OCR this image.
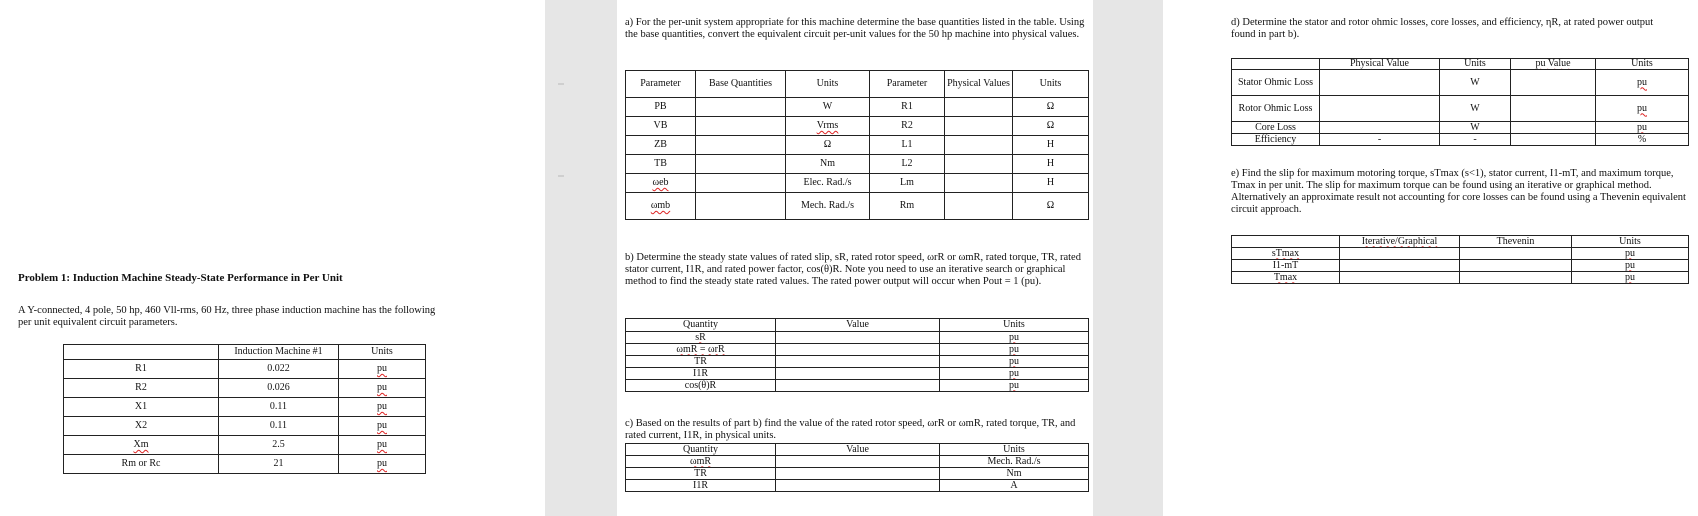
Problem 1: Induction Machine Steady-State Performance in Per Unit
A Y-connected, 4 pole, 50 hp, 460 Vll-rms, 60 Hz, three phase induction machine has the following per unit equivalent circuit parameters.
	Induction Machine #1	Units
R1	0.022	pu
R2	0.026	pu
X1	0.11	pu
X2	0.11	pu
Xm	2.5	pu
Rm or Rc	21	pu
a) For the per-unit system appropriate for this machine determine the base quantities listed in the table. Using the base quantities, convert the equivalent circuit per-unit values for the 50 hp machine into physical values.
Parameter	Base Quantities	Units	Parameter	Physical Values	Units
PB		W	R1		Ω
VB		Vrms	R2		Ω
ZB		Ω	L1		H
TB		Nm	L2		H
ωeb		Elec. Rad./s	Lm		H
ωmb		Mech. Rad./s	Rm		Ω
b) Determine the steady state values of rated slip, sR, rated rotor speed, ωrR or ωmR, rated torque, TR, rated stator current, I1R, and rated power factor, cos(θ)R. Note you need to use an iterative search or graphical method to find the steady state rated values. The rated power output will occur when Pout = 1 (pu).
Quantity	Value	Units
sR		pu
ωmR = ωrR		pu
TR		pu
I1R		pu
cos(θ)R		pu
c) Based on the results of part b) find the value of the rated rotor speed, ωrR or ωmR, rated torque, TR, and rated current, I1R, in physical units.
Quantity	Value	Units
ωmR		Mech. Rad./s
TR		Nm
I1R		A
d) Determine the stator and rotor ohmic losses, core losses, and efficiency, ηR, at rated power output found in part b).
	Physical Value	Units	pu Value	Units
Stator Ohmic Loss		W		pu
Rotor Ohmic Loss		W		pu
Core Loss		W		pu
Efficiency	-	-		%
e) Find the slip for maximum motoring torque, sTmax (s<1), stator current, I1-mT, and maximum torque, Tmax in per unit. The slip for maximum torque can be found using an iterative or graphical method. Alternatively an approximate result not accounting for core losses can be found using a Thevenin equivalent circuit approach.
	Iterative/Graphical	Thevenin	Units
sTmax			pu
I1-mT			pu
Tmax			pu
